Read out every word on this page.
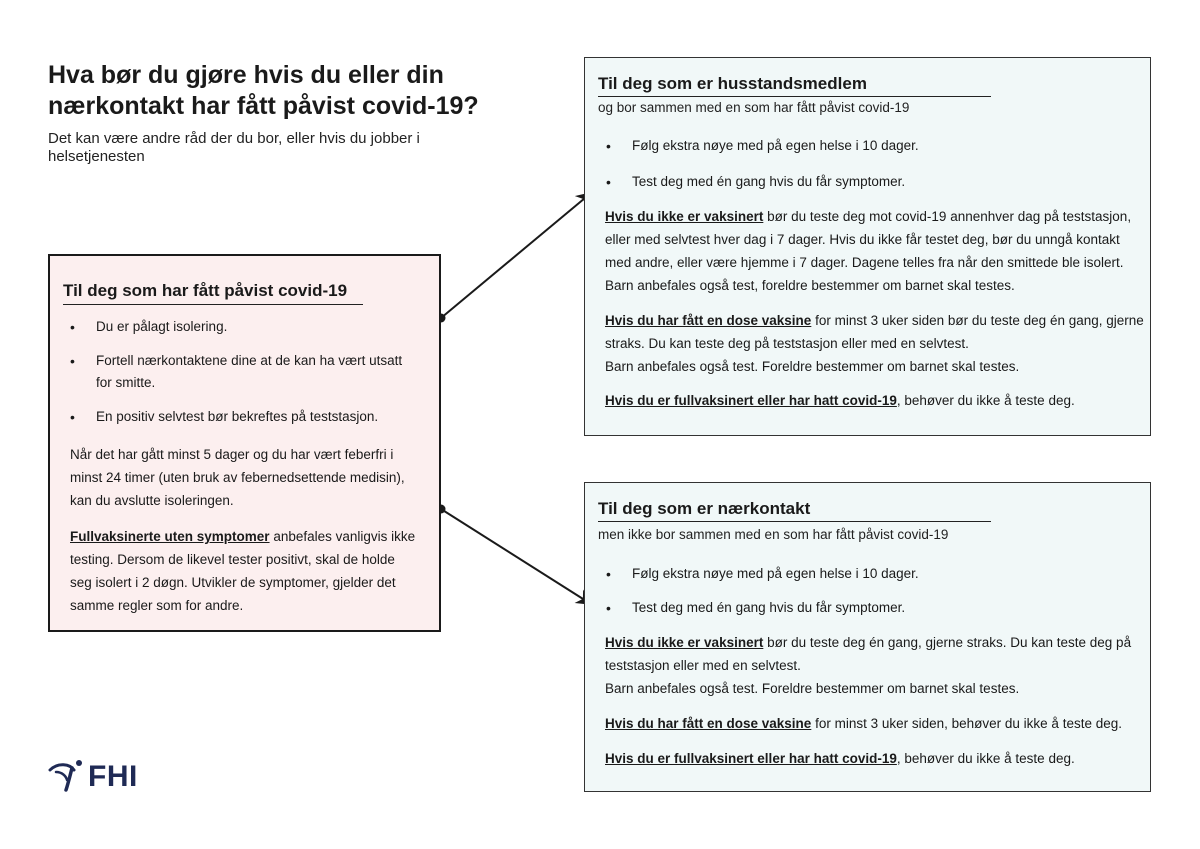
Hva bør du gjøre hvis du eller din nærkontakt har fått påvist covid-19?

Det kan være andre råd der du bor, eller hvis du jobber i helsetjenesten

Til deg som har fått påvist covid-19
• Du er pålagt isolering.
• Fortell nærkontaktene dine at de kan ha vært utsatt for smitte.
• En positiv selvtest bør bekreftes på teststasjon.

Når det har gått minst 5 dager og du har vært feberfri i minst 24 timer (uten bruk av febernedsettende medisin), kan du avslutte isoleringen.

Fullvaksinerte uten symptomer anbefales vanligvis ikke testing. Dersom de likevel tester positivt, skal de holde seg isolert i 2 døgn. Utvikler de symptomer, gjelder det samme regler som for andre.

Til deg som er husstandsmedlem

og bor sammen med en som har fått påvist covid-19

• Følg ekstra nøye med på egen helse i 10 dager.
• Test deg med én gang hvis du får symptomer.

Hvis du ikke er vaksinert bør du teste deg mot covid-19 annenhver dag på teststasjon, eller med selvtest hver dag i 7 dager. Hvis du ikke får testet deg, bør du unngå kontakt med andre, eller være hjemme i 7 dager. Dagene telles fra når den smittede ble isolert. Barn anbefales også test, foreldre bestemmer om barnet skal testes.

Hvis du har fått en dose vaksine for minst 3 uker siden bør du teste deg én gang, gjerne straks. Du kan teste deg på teststasjon eller med en selvtest.
Barn anbefales også test. Foreldre bestemmer om barnet skal testes.

Hvis du er fullvaksinert eller har hatt covid-19, behøver du ikke å teste deg.

Til deg som er nærkontakt

men ikke bor sammen med en som har fått påvist covid-19

• Følg ekstra nøye med på egen helse i 10 dager.
• Test deg med én gang hvis du får symptomer.

Hvis du ikke er vaksinert bør du teste deg én gang, gjerne straks. Du kan teste deg på teststasjon eller med en selvtest.
Barn anbefales også test. Foreldre bestemmer om barnet skal testes.

Hvis du har fått en dose vaksine for minst 3 uker siden, behøver du ikke å teste deg.

Hvis du er fullvaksinert eller har hatt covid-19, behøver du ikke å teste deg.

FHI
